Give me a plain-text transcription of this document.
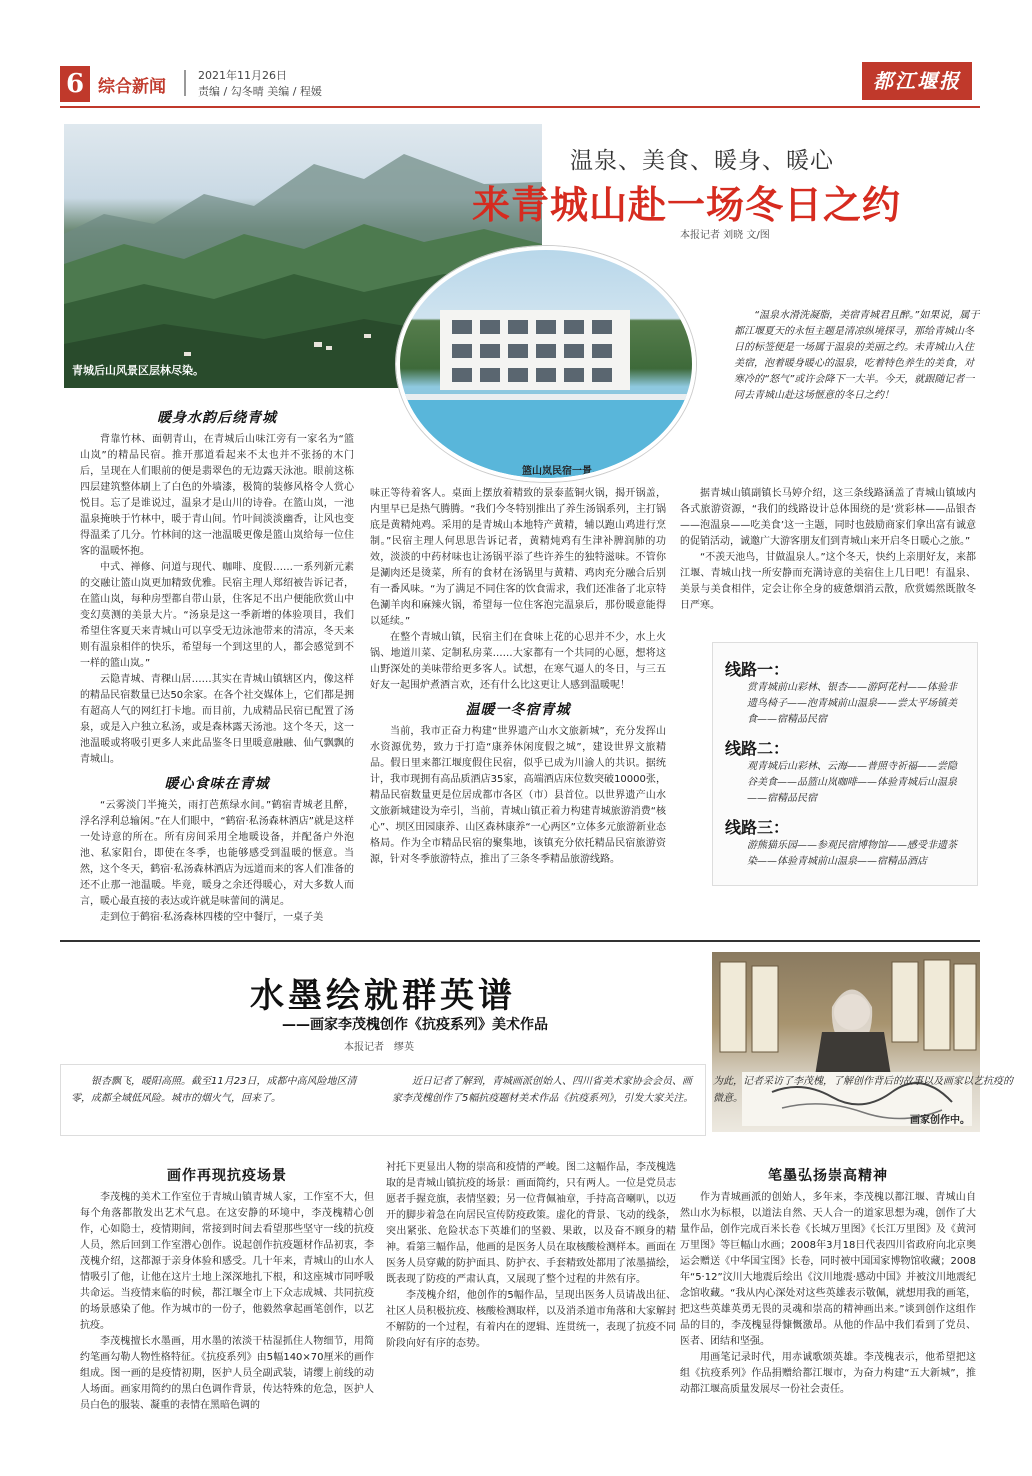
6 综合新闻
2021年11月26日
责编 / 勾冬晴 美编 / 程媛	都江堰报
青城后山风景区层林尽染。
温泉、美食、暖身、暖心
来青城山赴一场冬日之约
本报记者 刘晓 文/图
篮山岚民宿一景。
“温泉水滑洗凝脂，美宿青城君且醉。”如果说，属于都江堰夏天的永恒主题是清凉纵境探寻，那给青城山冬日的标签便是一场属于温泉的美丽之约。未青城山入住美宿，泡着暖身暖心的温泉，吃着特色养生的美食，对寒冷的“怒气”或许会降下一大半。今天，就跟随记者一同去青城山赴这场惬意的冬日之约！
暖身水韵后绕青城

背靠竹林、面朝青山，在青城后山味江旁有一家名为“篮山岚”的精品民宿。推开那道看起来不太也并不张扬的木门后，呈现在人们眼前的便是翡翠色的无边露天泳池。眼前这栋四层建筑整体刷上了白色的外墙漆，极简的装修风格令人赏心悦目。忘了是谁说过，温泉才是山川的诗眷。在篮山岚，一池温泉掩映于竹林中，暖于青山间。竹叶间淡淡幽香，让风也变得温柔了几分。竹林间的这一池温暖更像是篮山岚给每一位住客的温暖怀抱。

中式、禅修、问道与现代、咖啡、度假……一系列新元素的交融让篮山岚更加精致优雅。民宿主理人郑绍被告诉记者，在篮山岚，每种房型都自带山景，住客足不出户便能欣赏山中变幻莫测的美景大片。“汤泉是这一季新增的体验项目，我们希望住客夏天来青城山可以享受无边泳池带来的清凉，冬天来则有温泉相伴的快乐，希望每一个到这里的人，都会感觉到不一样的篮山岚。”

云隐青城、青稞山居……其实在青城山镇辖区内，像这样的精品民宿数量已达50余家。在各个社交媒体上，它们都是拥有超高人气的网红打卡地。而目前，九成精品民宿已配置了汤泉，或是入户独立私汤，或是森林露天汤池。这个冬天，这一池温暖或将吸引更多人来此品鉴冬日里暖意融融、仙气飘飘的青城山。

暖心食味在青城

“云雾淡门半掩关，雨打芭蕉绿水间。”鹤宿青城老且醉，浮名浮利总输闲。”在人们眼中，“鹤宿·私汤森林酒店”就是这样一处诗意的所在。所有房间采用全地暖设备，并配备户外泡池、私家阳台，即使在冬季，也能够感受到温暖的惬意。当然，这个冬天，鹤宿·私汤森林酒店为远道而来的客人们准备的还不止那一池温暖。毕竟，暖身之余还得暖心，对大多数人而言，暖心最直接的表达或许就是味蕾间的满足。

走到位于鹤宿·私汤森林四楼的空中餐厅，一桌子美

味正等待着客人。桌面上摆放着精致的景泰蓝铜火锅，揭开锅盖，内里早已是热气腾腾。“我们今冬特别推出了养生汤锅系列，主打锅底是黄精炖鸡。采用的是青城山本地特产黄精，辅以跑山鸡进行烹制。”民宿主理人何思思告诉记者，黄精炖鸡有生津补脾润肺的功效，淡淡的中药材味也让汤锅平添了些许养生的独特滋味。不管你是涮肉还是烫菜，所有的食材在汤锅里与黄精、鸡肉充分融合后别有一番风味。“为了满足不同住客的饮食需求，我们还准备了北京特色涮羊肉和麻辣火锅，希望每一位住客泡完温泉后，那份暖意能得以延续。”

在整个青城山镇，民宿主们在食味上花的心思并不少，水上火锅、地道川菜、定制私房菜……大家都有一个共同的心愿，想将这山野深处的美味带给更多客人。试想，在寒气逼人的冬日，与三五好友一起围炉煮酒言欢，还有什么比这更让人感到温暖呢！

温暖一冬宿青城

当前，我市正奋力构建“世界遗产山水文旅新城”，充分发挥山水资源优势，致力于打造“康养休闲度假之城”，建设世界文旅精品。假日里来都江堰度假住民宿，似乎已成为川渝人的共识。据统计，我市现拥有高品质酒店35家，高端酒店床位数突破10000张，精品民宿数量更是位居成都市各区（市）县首位。以世界遗产山水文旅新城建设为牵引，当前，青城山镇正着力构建青城旅游消费“核心”、坝区田园康养、山区森林康养“一心两区”立体多元旅游新业态格局。作为全市精品民宿的聚集地，该镇充分依托精品民宿旅游资源，针对冬季旅游特点，推出了三条冬季精品旅游线路。

据青城山镇副镇长马婷介绍，这三条线路涵盖了青城山镇域内各式旅游资源，“我们的线路设计总体围绕的是‘赏彩林——品银杏——泡温泉——吃美食’这一主题，同时也鼓励商家们拿出富有诚意的促销活动，诚邀广大游客朋友们到青城山来开启冬日暖心之旅。”

“不羡天池鸟，甘做温泉人。”这个冬天，快约上亲朋好友，来都江堰、青城山找一所安静而充满诗意的美宿住上几日吧！有温泉、美景与美食相伴，定会让你全身的疲惫烟消云散，欣赏嫣然既散冬日严寒。

线路一：
赏青城前山彩林、银杏——游阿花村——体验非遗鸟椅子——泡青城前山温泉——尝太平场镇美食——宿精品民宿
线路二：
观青城后山彩林、云海——普照寺祈福——尝隐谷美食——品篮山岚咖啡——体验青城后山温泉——宿精品民宿
线路三：
游熊猫乐园——参观民宿博物馆——感受非遗茶染——体验青城前山温泉——宿精品酒店
水墨绘就群英谱
——画家李茂槐创作《抗疫系列》美术作品
本报记者　缪英
画家创作中。

银杏飘飞，暖阳高照。截至11月23日，成都中高风险地区清零，成都全域低风险。城市的烟火气，回来了。

近日记者了解到，青城画派创始人、四川省美术家协会会员、画家李茂槐创作了5幅抗疫题材美术作品《抗疫系列》，引发大家关注。为此，记者采访了李茂槐，了解创作背后的故事以及画家以艺抗疫的微意。

画作再现抗疫场景

李茂槐的美术工作室位于青城山镇青城人家，工作室不大，但每个角落都散发出艺术气息。在这安静的环境中，李茂槐精心创作，心如隐士，疫情期间，常接到时间去看望那些坚守一线的抗疫人员，然后回到工作室潜心创作。说起创作抗疫题材作品初衷，李茂槐介绍，这都源于亲身体验和感受。几十年来，青城山的山水人情吸引了他，让他在这片土地上深深地扎下根，和这座城市同呼吸共命运。当疫情来临的时候，都江堰全市上下众志成城、共同抗疫的场景感染了他。作为城市的一份子，他毅然拿起画笔创作，以艺抗疫。

李茂槐擅长水墨画，用水墨的浓淡干枯湿抓住人物细节，用简约笔画勾勒人物性格特征。《抗疫系列》由5幅140×70厘米的画作组成。图一画的是疫情初期，医护人员全副武装，请缨上前线的动人场面。画家用简约的黑白色调作背景，传达特殊的危急，医护人员白色的服装、凝重的表情在黑暗色调的

衬托下更显出人物的崇高和疫情的严峻。图二这幅作品，李茂槐选取的是青城山镇抗疫的场景：画面简约，只有两人。一位是党员志愿者手握竞旗，表情坚毅；另一位背佩袖章，手持高音喇叭，以迈开的脚步着急在向居民宣传防疫政策。虚化的背景、飞动的线条，突出紧张、危险状态下英雄们的坚毅、果敢，以及奋不顾身的精神。看第三幅作品，他画的是医务人员在取核酸检测样本。画面在医务人员穿戴的防护面具、防护衣、手套精致处都用了浓墨描绘，既表现了防疫的严肃认真，又展现了整个过程的井然有序。

李茂槐介绍，他创作的5幅作品，呈现出医务人员请战出征、社区人员积极抗疫、核酸检测取样，以及消杀道市角落和大家解封不解防的一个过程，有着内在的逻辑、连贯统一，表现了抗疫不同阶段向好有序的态势。

笔墨弘扬崇高精神

作为青城画派的创始人，多年来，李茂槐以都江堰、青城山自然山水为标根，以道法自然、天人合一的道家思想为魂，创作了大量作品，创作完成百米长卷《长城万里图》《长江万里图》及《黄河万里图》等巨幅山水画；2008年3月18日代表四川省政府向北京奥运会赠送《中华国宝图》长卷，同时被中国国家博物馆收藏；2008年“5·12”汶川大地震后绘出《汶川地震·感动中国》并被汶川地震纪念馆收藏。“我从内心深处对这些英雄表示敬佩，就想用我的画笔，把这些英雄英勇无畏的灵魂和崇高的精神画出来。”谈到创作这组作品的目的，李茂槐显得慷慨激昂。从他的作品中我们看到了党员、医者、团结和坚强。

用画笔记录时代，用赤诚歌颂英雄。李茂槐表示，他希望把这组《抗疫系列》作品捐赠给都江堰市，为奋力构建“五大新城”，推动都江堰高质量发展尽一份社会责任。
